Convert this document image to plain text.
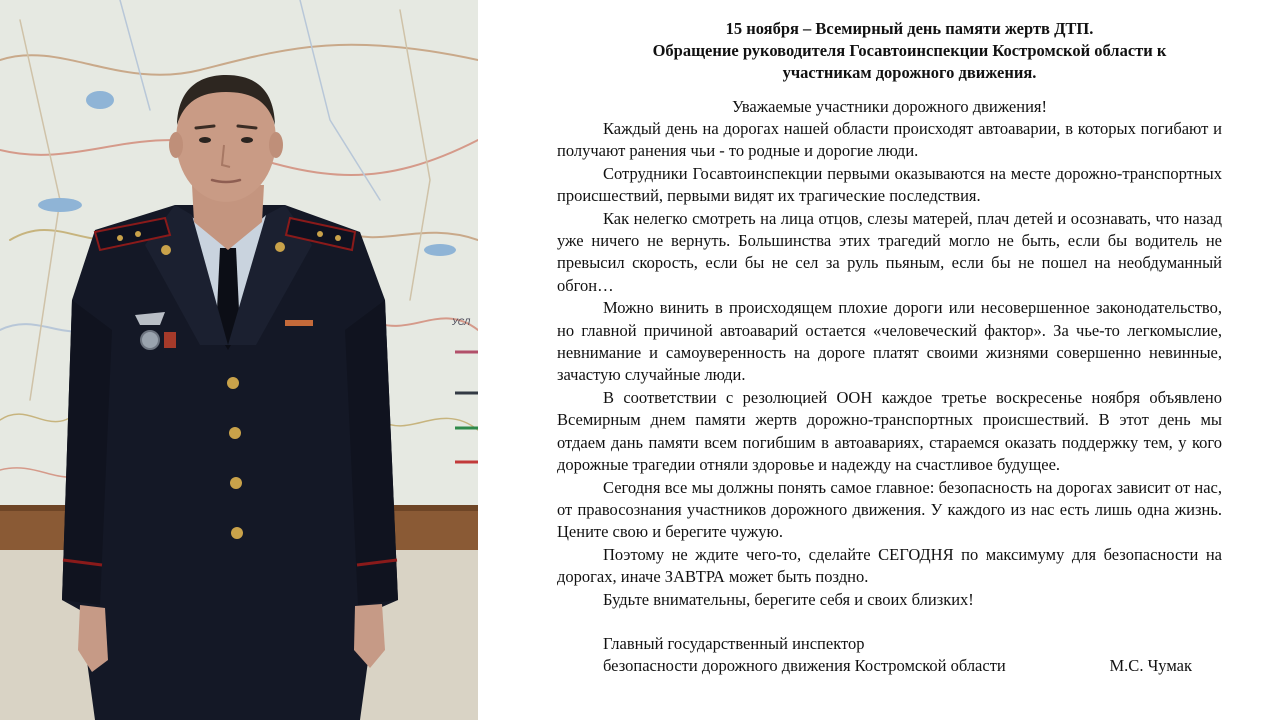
УСЛ
15 ноября – Всемирный день памяти жертв ДТП.
Обращение руководителя Госавтоинспекции Костромской области к
участникам дорожного движения.

Уважаемые участники дорожного движения!

Каждый день на дорогах нашей области происходят автоаварии, в которых погибают и получают ранения чьи - то родные и дорогие люди.

Сотрудники Госавтоинспекции первыми оказываются на месте дорожно-транспортных происшествий, первыми видят их трагические последствия.

Как нелегко смотреть на лица отцов, слезы матерей, плач детей и осознавать, что назад уже ничего не вернуть. Большинства этих трагедий могло не быть, если бы водитель не превысил скорость, если бы не сел за руль пьяным, если бы не пошел на необдуманный обгон…

Можно винить в происходящем плохие дороги или несовершенное законодательство, но главной причиной автоаварий остается «человеческий фактор». За чье-то легкомыслие, невнимание и самоуверенность на дороге платят своими жизнями совершенно невинные, зачастую случайные люди.

В соответствии с резолюцией ООН каждое третье воскресенье ноября объявлено Всемирным днем памяти жертв дорожно-транспортных происшествий. В этот день мы отдаем дань памяти всем погибшим в автоавариях, стараемся оказать поддержку тем, у кого дорожные трагедии отняли здоровье и надежду на счастливое будущее.

Сегодня все мы должны понять самое главное: безопасность на дорогах зависит от нас, от правосознания участников дорожного движения. У каждого из нас есть лишь одна жизнь. Цените свою и берегите чужую.

Поэтому не ждите чего-то, сделайте СЕГОДНЯ по максимуму для безопасности на дорогах, иначе ЗАВТРА может быть поздно.

Будьте внимательны, берегите себя и своих близких!

Главный государственный инспектор
безопасности дорожного движения Костромской области	М.С. Чумак
